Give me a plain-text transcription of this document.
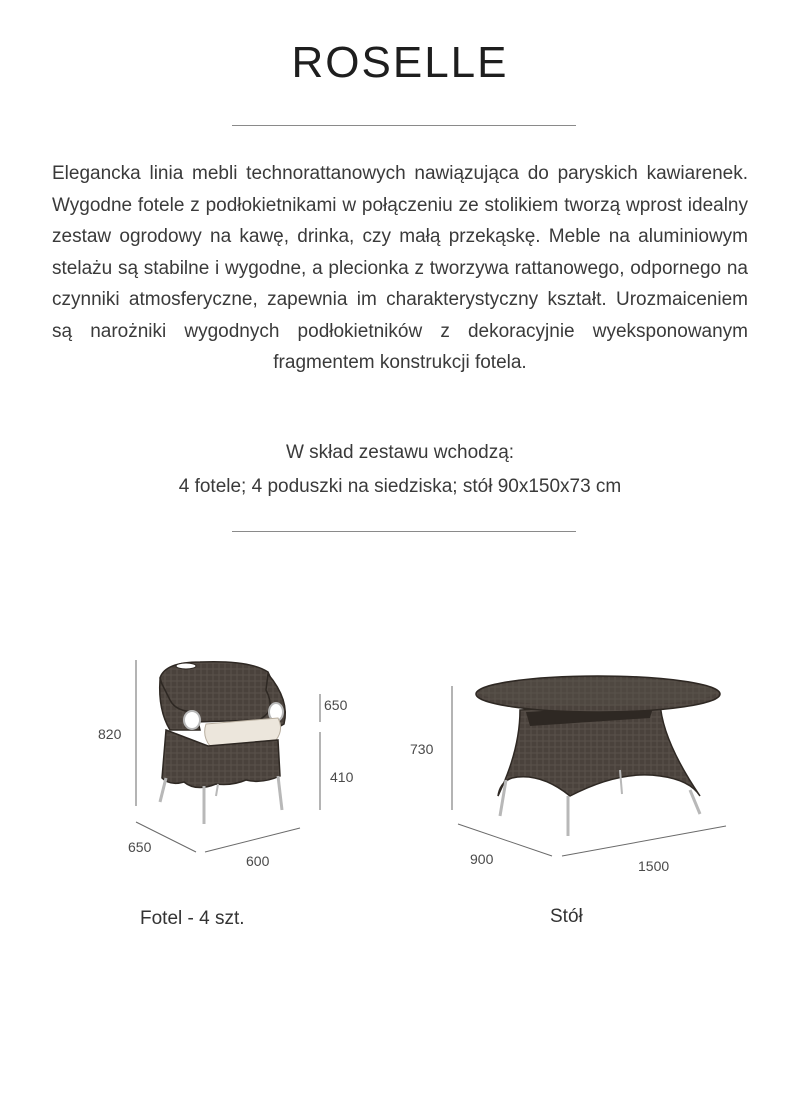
ROSELLE

Elegancka linia mebli technorattanowych nawiązująca do paryskich kawiarenek. Wygodne fotele z podłokietnikami w połączeniu ze stolikiem tworzą wprost idealny zestaw ogrodowy na kawę, drinka, czy małą przekąskę. Meble na aluminiowym stelażu są stabilne i wygodne, a plecionka z tworzywa rattanowego, odpornego na czynniki atmosferyczne, zapewnia im charakterystyczny kształt. Urozmaiceniem są narożniki wygodnych podłokietników z dekoracyjnie wyeksponowanym fragmentem konstrukcji fotela.

W skład zestawu wchodzą:
4 fotele; 4 poduszki na siedziska; stół 90x150x73 cm
820
650
410
650
600
730
900	1500
Fotel - 4 szt.	Stół
